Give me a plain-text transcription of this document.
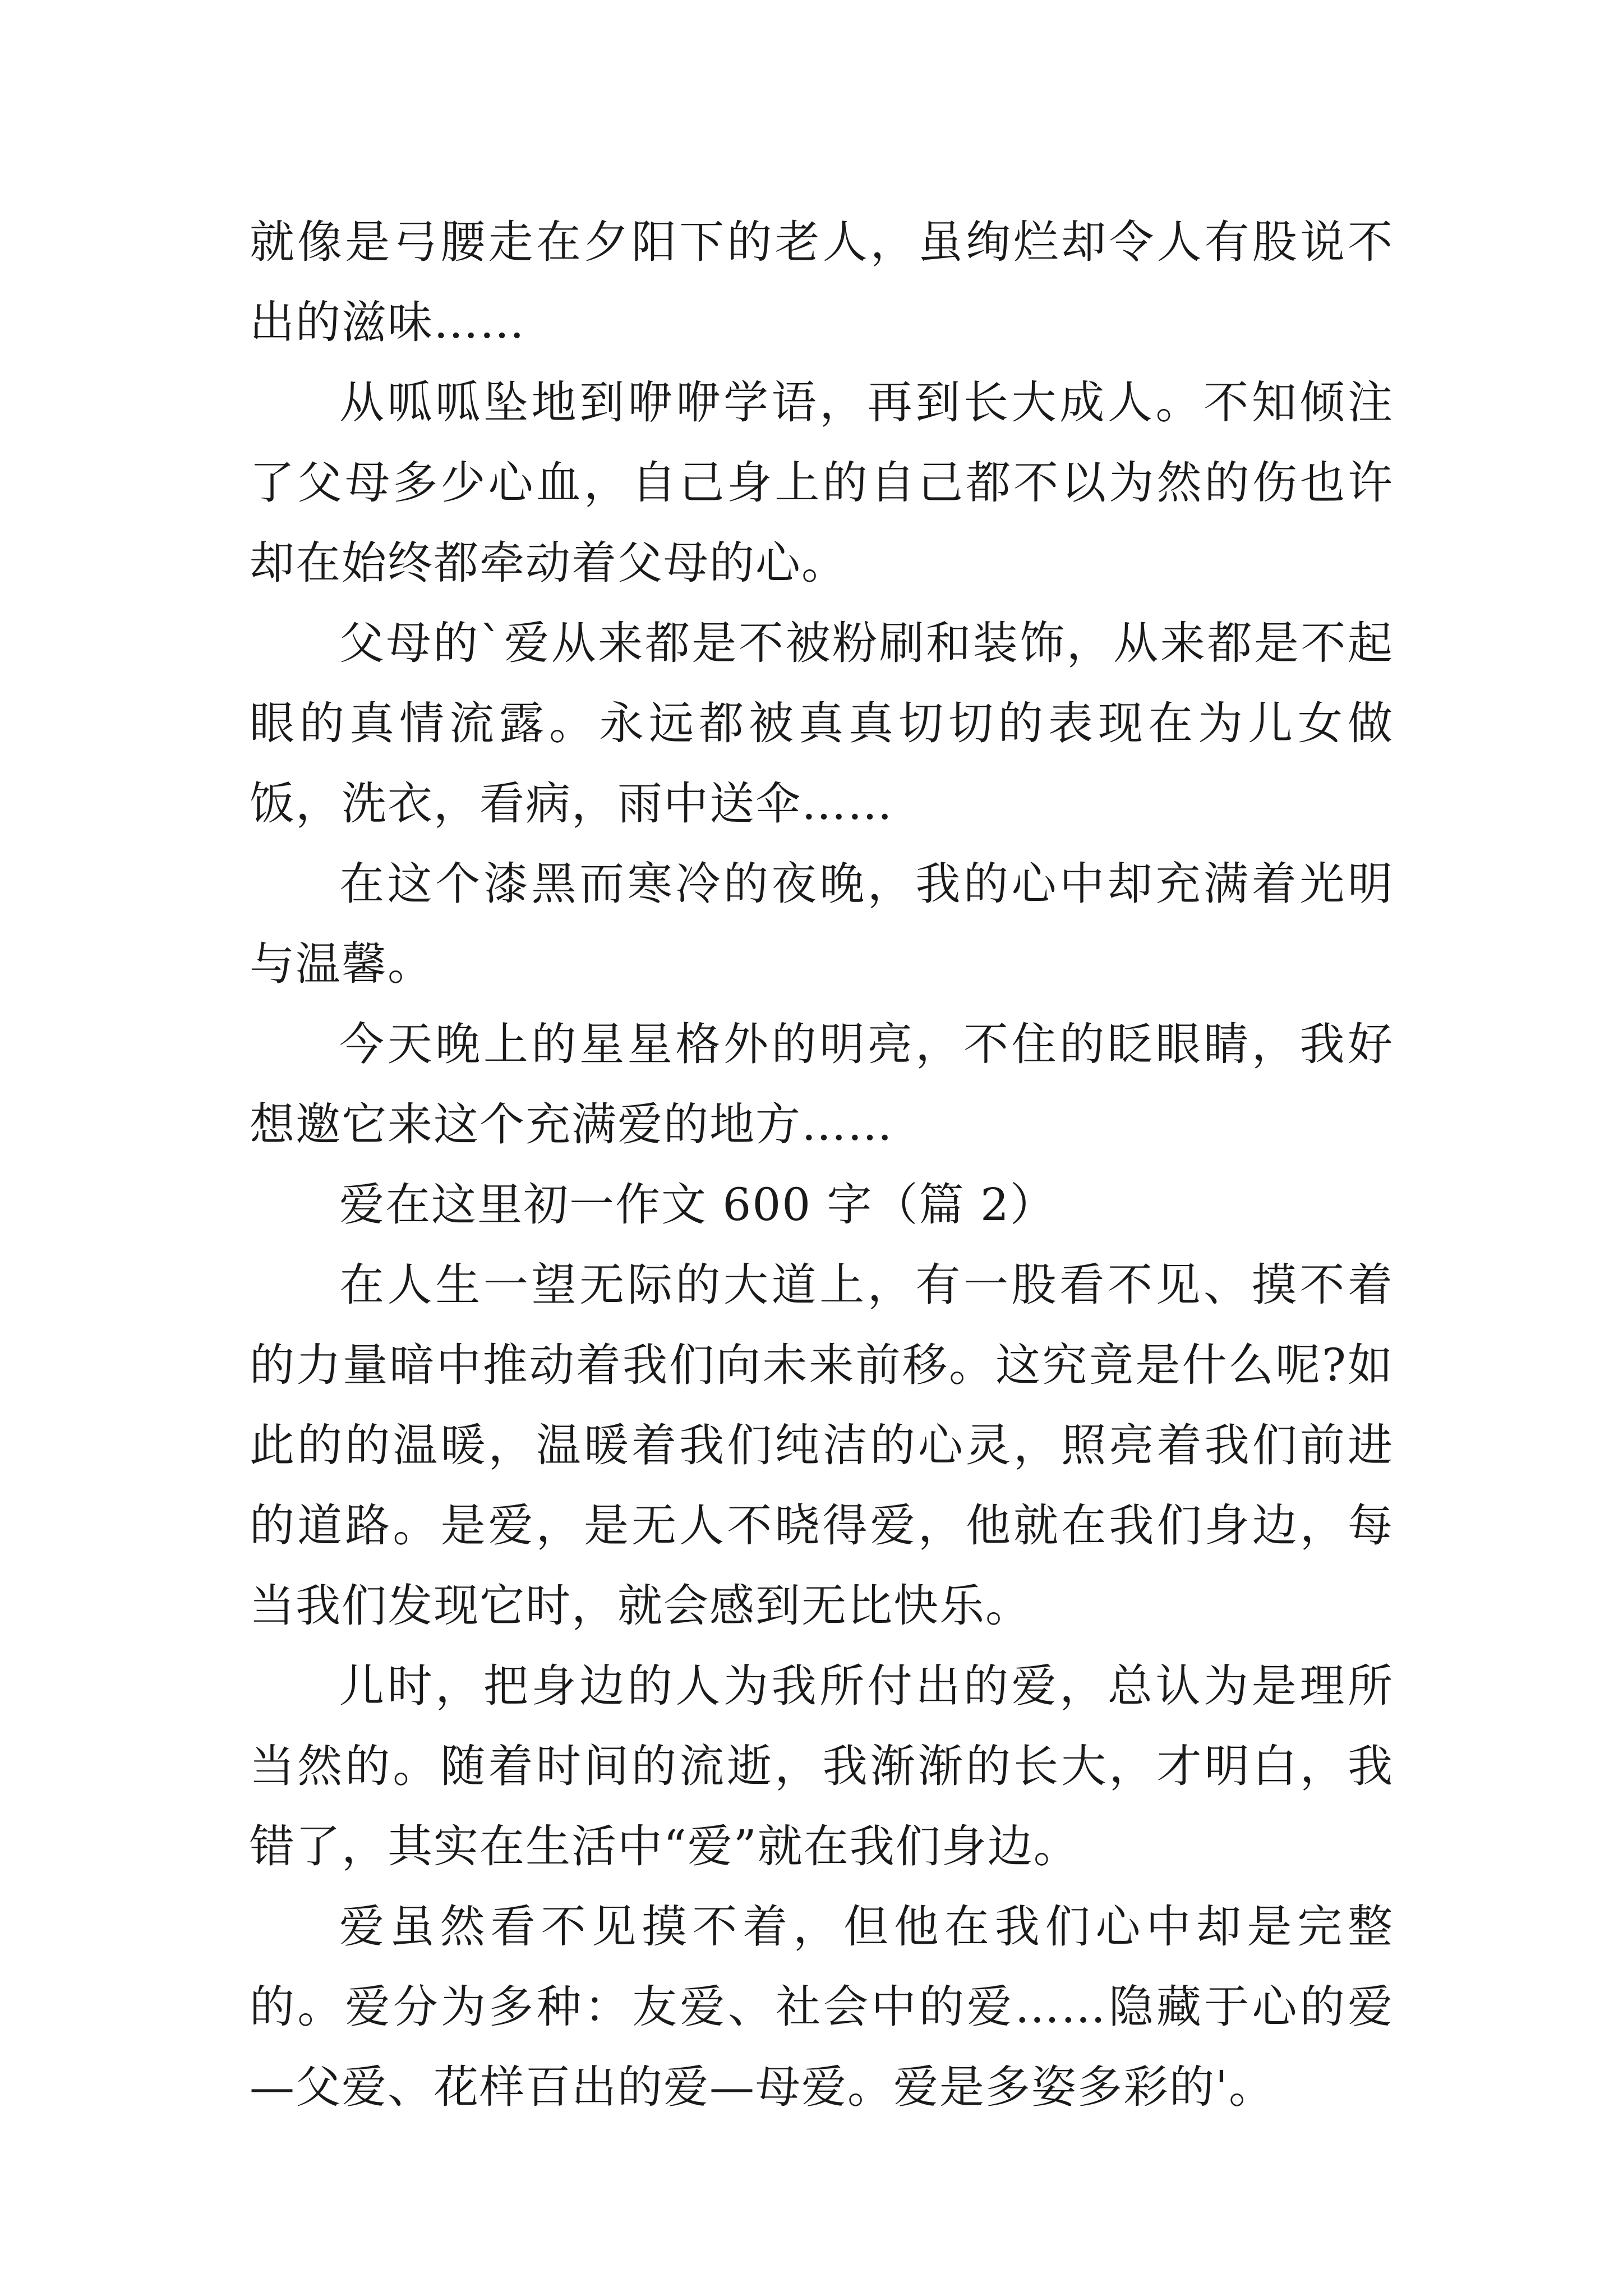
就像是弓腰走在夕阳下的老人，虽绚烂却令人有股说不出的滋味……

从呱呱坠地到咿咿学语，再到长大成人。不知倾注了父母多少心血，自己身上的自己都不以为然的伤也许却在始终都牵动着父母的心。

父母的`爱从来都是不被粉刷和装饰，从来都是不起眼的真情流露。永远都被真真切切的表现在为儿女做饭，洗衣，看病，雨中送伞……

在这个漆黑而寒冷的夜晚，我的心中却充满着光明与温馨。

今天晚上的星星格外的明亮，不住的眨眼睛，我好想邀它来这个充满爱的地方……

爱在这里初一作文 600 字（篇 2）

在人生一望无际的大道上，有一股看不见、摸不着的力量暗中推动着我们向未来前移。这究竟是什么呢?如此的的温暖，温暖着我们纯洁的心灵，照亮着我们前进的道路。是爱，是无人不晓得爱，他就在我们身边，每当我们发现它时，就会感到无比快乐。

儿时，把身边的人为我所付出的爱，总认为是理所当然的。随着时间的流逝，我渐渐的长大，才明白，我错了，其实在生活中“爱”就在我们身边。

爱虽然看不见摸不着，但他在我们心中却是完整的。爱分为多种：友爱、社会中的爱……隐藏于心的爱—父爱、花样百出的爱—母爱。爱是多姿多彩的'。
